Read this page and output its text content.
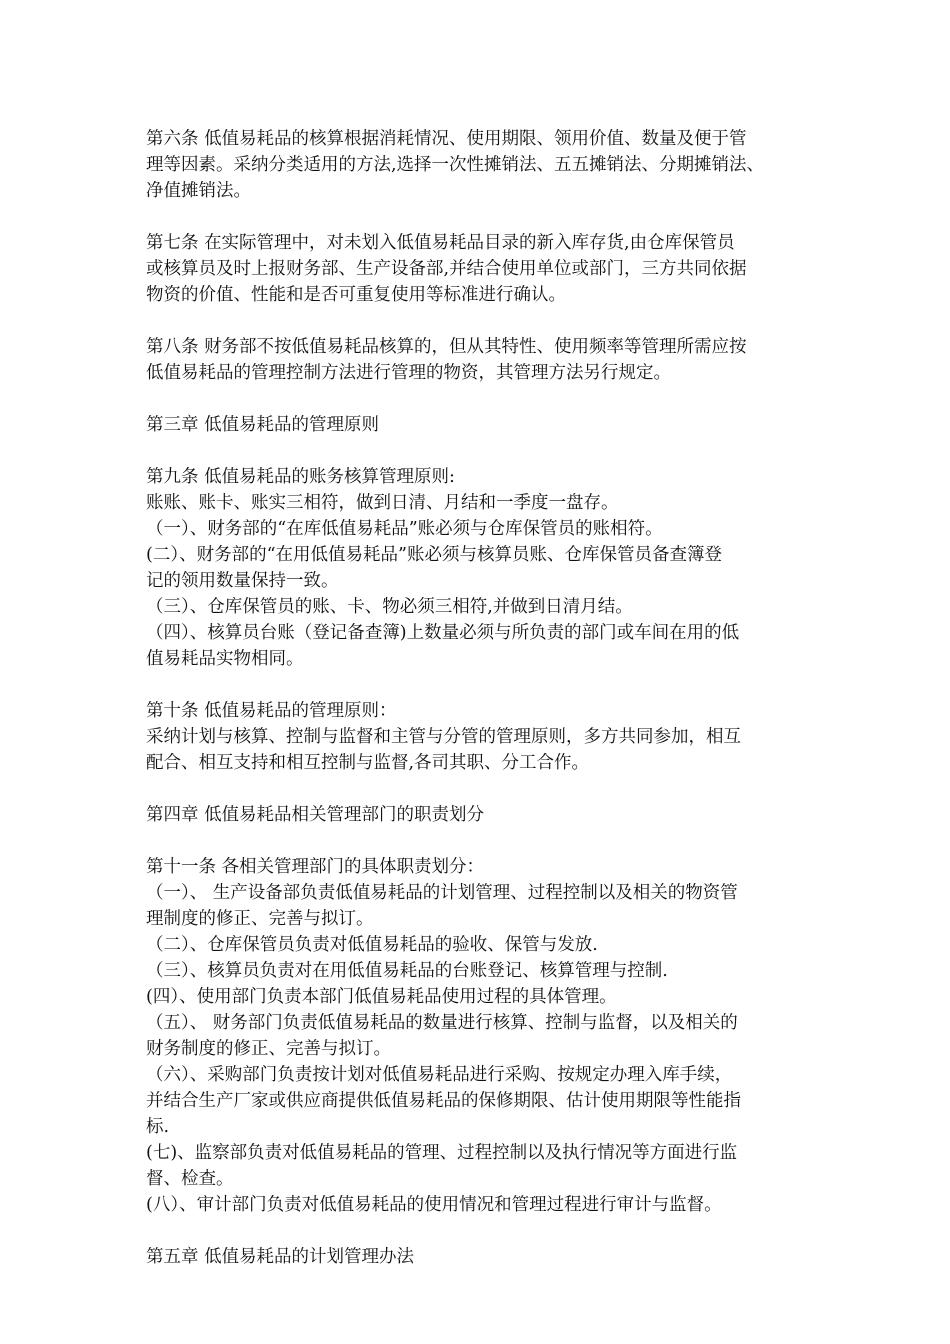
第六条 低值易耗品的核算根据消耗情况、使用期限、领用价值、数量及便于管
理等因素。采纳分类适用的方法,选择一次性摊销法、五五摊销法、分期摊销法、
净值摊销法。
第七条 在实际管理中，对未划入低值易耗品目录的新入库存货,由仓库保管员
或核算员及时上报财务部、生产设备部,并结合使用单位或部门，三方共同依据
物资的价值、性能和是否可重复使用等标准进行确认。
第八条 财务部不按低值易耗品核算的，但从其特性、使用频率等管理所需应按
低值易耗品的管理控制方法进行管理的物资，其管理方法另行规定。
第三章 低值易耗品的管理原则
第九条 低值易耗品的账务核算管理原则:
账账、账卡、账实三相符，做到日清、月结和一季度一盘存。
（一）、财务部的“在库低值易耗品”账必须与仓库保管员的账相符。
(二）、财务部的“在用低值易耗品”账必须与核算员账、仓库保管员备查簿登
记的领用数量保持一致。
（三）、仓库保管员的账、卡、物必须三相符,并做到日清月结。
（四）、核算员台账（登记备查簿)上数量必须与所负责的部门或车间在用的低
值易耗品实物相同。
第十条 低值易耗品的管理原则：
采纳计划与核算、控制与监督和主管与分管的管理原则，多方共同参加，相互
配合、相互支持和相互控制与监督,各司其职、分工合作。
第四章 低值易耗品相关管理部门的职责划分
第十一条 各相关管理部门的具体职责划分：
（一）、 生产设备部负责低值易耗品的计划管理、过程控制以及相关的物资管
理制度的修正、完善与拟订。
（二）、仓库保管员负责对低值易耗品的验收、保管与发放.
（三）、核算员负责对在用低值易耗品的台账登记、核算管理与控制.
(四）、使用部门负责本部门低值易耗品使用过程的具体管理。
（五）、 财务部门负责低值易耗品的数量进行核算、控制与监督，以及相关的
财务制度的修正、完善与拟订。
（六）、采购部门负责按计划对低值易耗品进行采购、按规定办理入库手续，
并结合生产厂家或供应商提供低值易耗品的保修期限、估计使用期限等性能指
标.
(七)、监察部负责对低值易耗品的管理、过程控制以及执行情况等方面进行监
督、检查。
(八）、审计部门负责对低值易耗品的使用情况和管理过程进行审计与监督。
第五章 低值易耗品的计划管理办法
